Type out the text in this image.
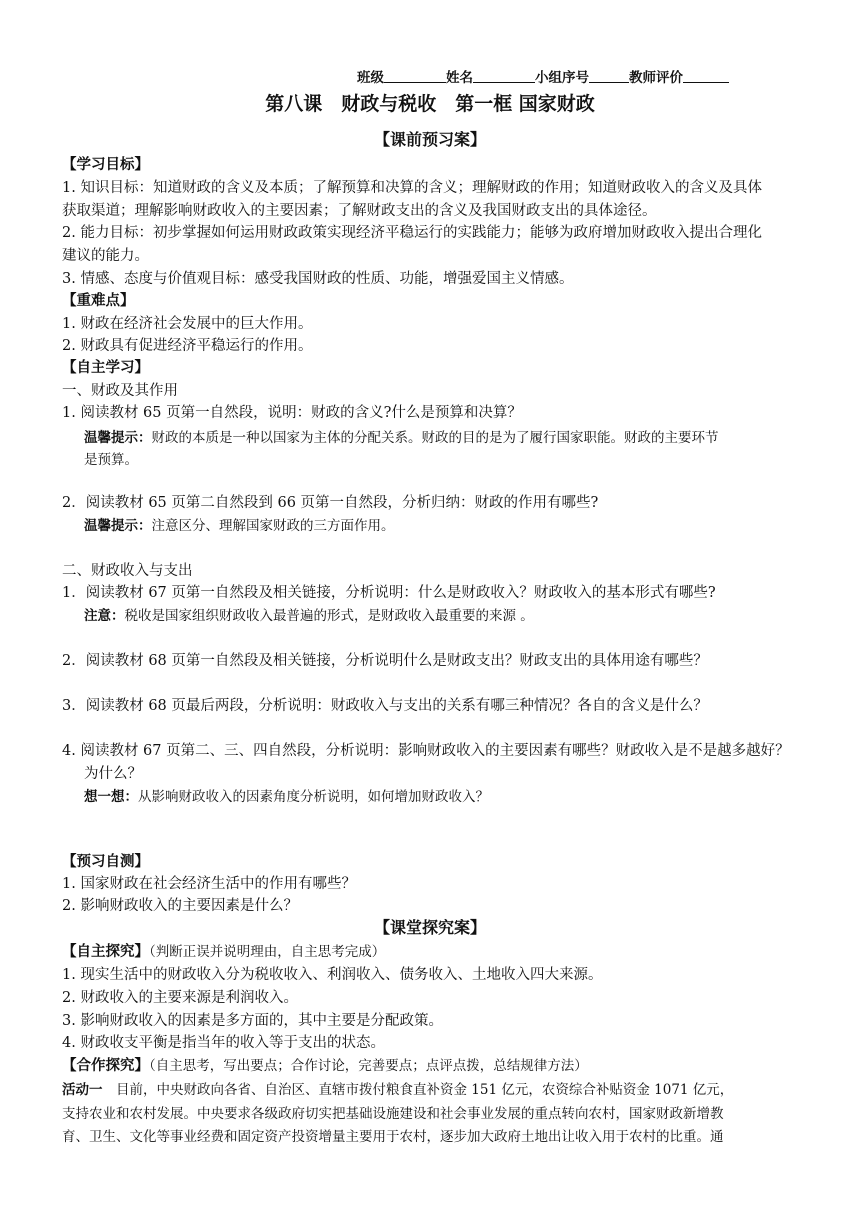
班级	姓名	小组序号	教师评价
第八课　财政与税收　第一框 国家财政
【课前预习案】
【学习目标】
1. 知识目标：知道财政的含义及本质；了解预算和决算的含义；理解财政的作用；知道财政收入的含义及具体
获取渠道；理解影响财政收入的主要因素；了解财政支出的含义及我国财政支出的具体途径。
2. 能力目标：初步掌握如何运用财政政策实现经济平稳运行的实践能力；能够为政府增加财政收入提出合理化
建议的能力。
3. 情感、态度与价值观目标：感受我国财政的性质、功能，增强爱国主义情感。
【重难点】
1. 财政在经济社会发展中的巨大作用。
2. 财政具有促进经济平稳运行的作用。
【自主学习】
一、财政及其作用
1. 阅读教材 65 页第一自然段，说明：财政的含义?什么是预算和决算？
温馨提示：财政的本质是一种以国家为主体的分配关系。财政的目的是为了履行国家职能。财政的主要环节
是预算。
2．阅读教材 65 页第二自然段到 66 页第一自然段，分析归纳：财政的作用有哪些?
温馨提示：注意区分、理解国家财政的三方面作用。
二、财政收入与支出
1．阅读教材 67 页第一自然段及相关链接，分析说明：什么是财政收入？财政收入的基本形式有哪些?
注意：税收是国家组织财政收入最普遍的形式，是财政收入最重要的来源 。
2．阅读教材 68 页第一自然段及相关链接，分析说明什么是财政支出？财政支出的具体用途有哪些？
3．阅读教材 68 页最后两段，分析说明：财政收入与支出的关系有哪三种情况？各自的含义是什么？
4. 阅读教材 67 页第二、三、四自然段，分析说明：影响财政收入的主要因素有哪些？财政收入是不是越多越好？
为什么？
想一想：从影响财政收入的因素角度分析说明，如何增加财政收入？
【预习自测】
1. 国家财政在社会经济生活中的作用有哪些？
2. 影响财政收入的主要因素是什么？
【课堂探究案】
【自主探究】（判断正误并说明理由，自主思考完成）
1. 现实生活中的财政收入分为税收收入、利润收入、债务收入、土地收入四大来源。
2. 财政收入的主要来源是利润收入。
3. 影响财政收入的因素是多方面的，其中主要是分配政策。
4. 财政收支平衡是指当年的收入等于支出的状态。
【合作探究】（自主思考，写出要点；合作讨论，完善要点；点评点拨，总结规律方法）
活动一　目前，中央财政向各省、自治区、直辖市拨付粮食直补资金 151 亿元，农资综合补贴资金 1071 亿元，
支持农业和农村发展。中央要求各级政府切实把基础设施建设和社会事业发展的重点转向农村，国家财政新增教
育、卫生、文化等事业经费和固定资产投资增量主要用于农村，逐步加大政府土地出让收入用于农村的比重。通
